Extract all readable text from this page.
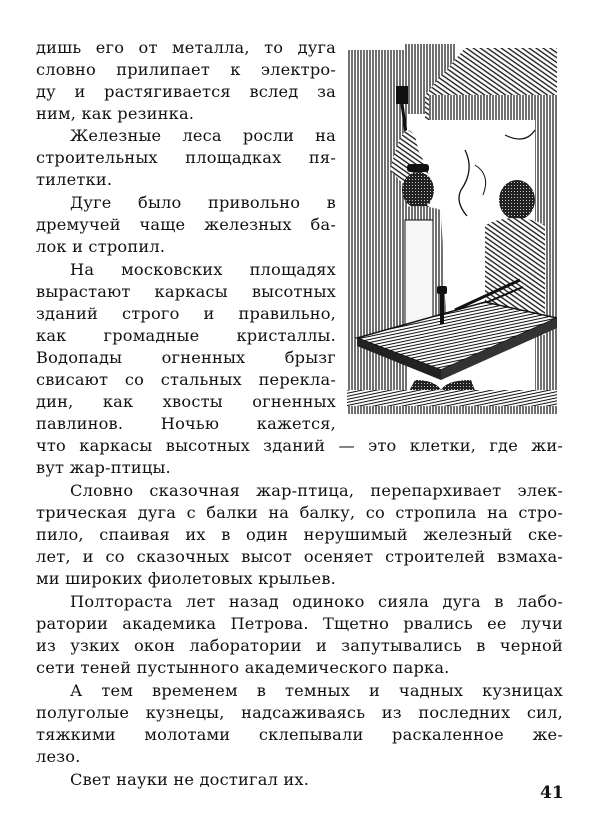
дишь его от металла, то дуга
словно прилипает к электро-
ду и растягивается вслед за
ним, как резинка.
Железные леса росли на
строительных площадках пя-
тилетки.
Дуге было привольно в
дремучей чаще железных ба-
лок и стропил.
На московских площадях
вырастают каркасы высотных
зданий строго и правильно,
как громадные кристаллы.
Водопады огненных брызг
свисают со стальных перекла-
дин, как хвосты огненных
павлинов. Ночью кажется,
что каркасы высотных зданий — это клетки, где жи-
вут жар-птицы.
Словно сказочная жар-птица, перепархивает элек-
трическая дуга с балки на балку, со стропила на стро-
пило, спаивая их в один нерушимый железный ске-
лет, и со сказочных высот осеняет строителей взмаха-
ми широких фиолетовых крыльев.
Полтораста лет назад одиноко сияла дуга в лабо-
ратории академика Петрова. Тщетно рвались ее лучи
из узких окон лаборатории и запутывались в черной
сети теней пустынного академического парка.
А тем временем в темных и чадных кузницах
полуголые кузнецы, надсаживаясь из последних сил,
тяжкими молотами склепывали раскаленное же-
лезо.
Свет науки не достигал их.
41
